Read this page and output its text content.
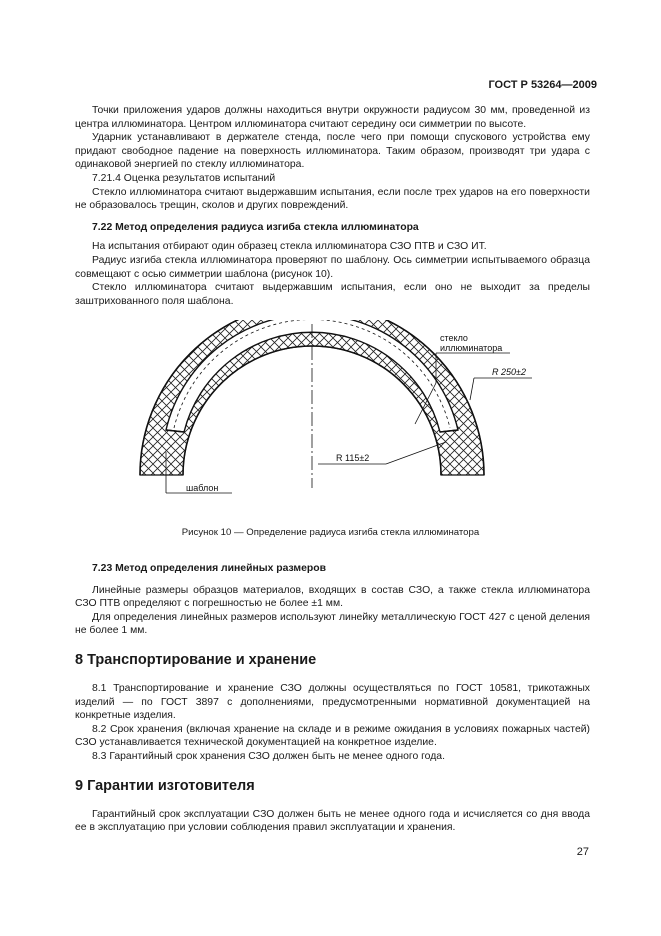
ГОСТ Р 53264—2009

Точки приложения ударов должны находиться внутри окружности радиусом 30 мм, проведенной из центра иллюминатора. Центром иллюминатора считают середину оси симметрии по высоте.

Ударник устанавливают в держателе стенда, после чего при помощи спускового устройства ему придают свободное падение на поверхность иллюминатора. Таким образом, производят три удара с одинаковой энергией по стеклу иллюминатора.

7.21.4 Оценка результатов испытаний

Стекло иллюминатора считают выдержавшим испытания, если после трех ударов на его поверхности не образовалось трещин, сколов и других повреждений.

7.22 Метод определения радиуса изгиба стекла иллюминатора

На испытания отбирают один образец стекла иллюминатора СЗО ПТВ и СЗО ИТ.

Радиус изгиба стекла иллюминатора проверяют по шаблону. Ось симметрии испытываемого образца совмещают с осью симметрии шаблона (рисунок 10).

Стекло иллюминатора считают выдержавшим испытания, если оно не выходит за пределы заштрихованного поля шаблона.

стекло
иллюминатора
R 250±2
R 115±2
шаблон
Рисунок 10 — Определение радиуса изгиба стекла иллюминатора

7.23 Метод определения линейных размеров

Линейные размеры образцов материалов, входящих в состав СЗО, а также стекла иллюминатора СЗО ПТВ определяют с погрешностью не более ±1 мм.

Для определения линейных размеров используют линейку металлическую ГОСТ 427 с ценой деления не более 1 мм.

8 Транспортирование и хранение

8.1 Транспортирование и хранение СЗО должны осуществляться по ГОСТ 10581, трикотажных изделий — по ГОСТ 3897 с дополнениями, предусмотренными нормативной документацией на конкретные изделия.

8.2 Срок хранения (включая хранение на складе и в режиме ожидания в условиях пожарных частей) СЗО устанавливается технической документацией на конкретное изделие.

8.3 Гарантийный срок хранения СЗО должен быть не менее одного года.

9 Гарантии изготовителя

Гарантийный срок эксплуатации СЗО должен быть не менее одного года и исчисляется со дня ввода ее в эксплуатацию при условии соблюдения правил эксплуатации и хранения.

27
